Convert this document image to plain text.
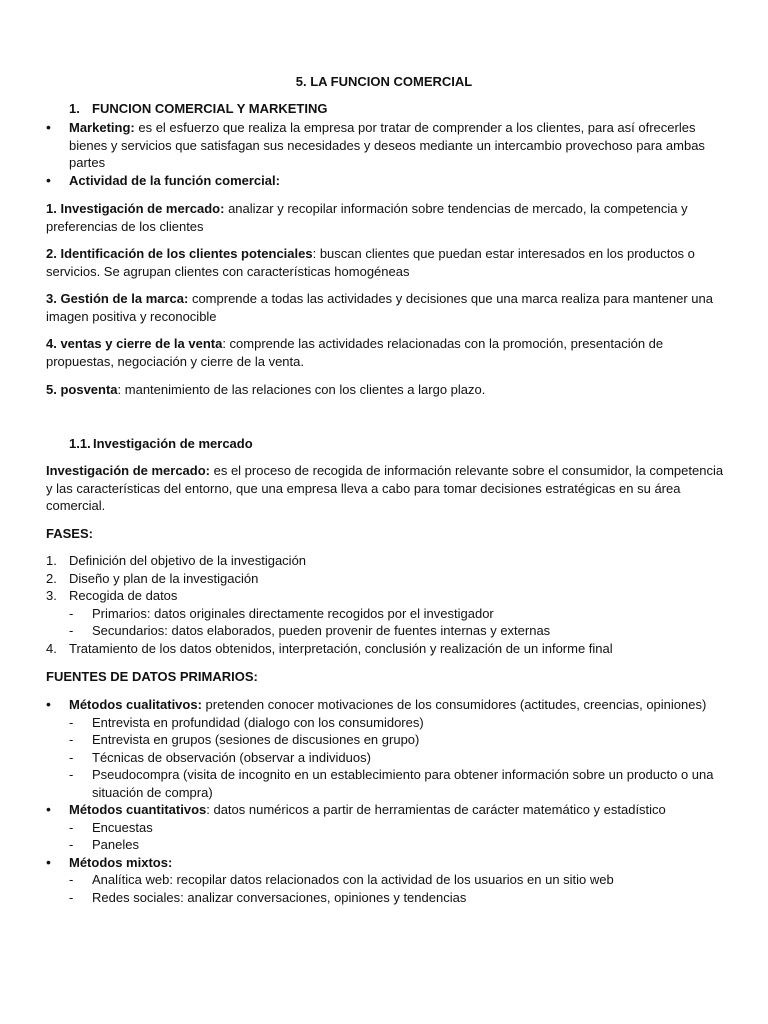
5. LA FUNCION COMERCIAL

1. FUNCION COMERCIAL Y MARKETING

• Marketing: es el esfuerzo que realiza la empresa por tratar de comprender a los clientes, para así ofrecerles bienes y servicios que satisfagan sus necesidades y deseos mediante un intercambio provechoso para ambas partes

• Actividad de la función comercial:

1. Investigación de mercado: analizar y recopilar información sobre tendencias de mercado, la competencia y preferencias de los clientes

2. Identificación de los clientes potenciales: buscan clientes que puedan estar interesados en los productos o servicios. Se agrupan clientes con características homogéneas

3. Gestión de la marca: comprende a todas las actividades y decisiones que una marca realiza para mantener una imagen positiva y reconocible

4. ventas y cierre de la venta: comprende las actividades relacionadas con la promoción, presentación de propuestas, negociación y cierre de la venta.

5. posventa: mantenimiento de las relaciones con los clientes a largo plazo.

1.1. Investigación de mercado

Investigación de mercado: es el proceso de recogida de información relevante sobre el consumidor, la competencia y las características del entorno, que una empresa lleva a cabo para tomar decisiones estratégicas en su área comercial.

FASES:

1. Definición del objetivo de la investigación

2. Diseño y plan de la investigación

3. Recogida de datos

- Primarios: datos originales directamente recogidos por el investigador

- Secundarios: datos elaborados, pueden provenir de fuentes internas y externas

4. Tratamiento de los datos obtenidos, interpretación, conclusión y realización de un informe final

FUENTES DE DATOS PRIMARIOS:

• Métodos cualitativos: pretenden conocer motivaciones de los consumidores (actitudes, creencias, opiniones)

- Entrevista en profundidad (dialogo con los consumidores)

- Entrevista en grupos (sesiones de discusiones en grupo)

- Técnicas de observación (observar a individuos)

- Pseudocompra (visita de incognito en un establecimiento para obtener información sobre un producto o una situación de compra)

• Métodos cuantitativos: datos numéricos a partir de herramientas de carácter matemático y estadístico

- Encuestas

- Paneles

• Métodos mixtos:

- Analítica web: recopilar datos relacionados con la actividad de los usuarios en un sitio web

- Redes sociales: analizar conversaciones, opiniones y tendencias
